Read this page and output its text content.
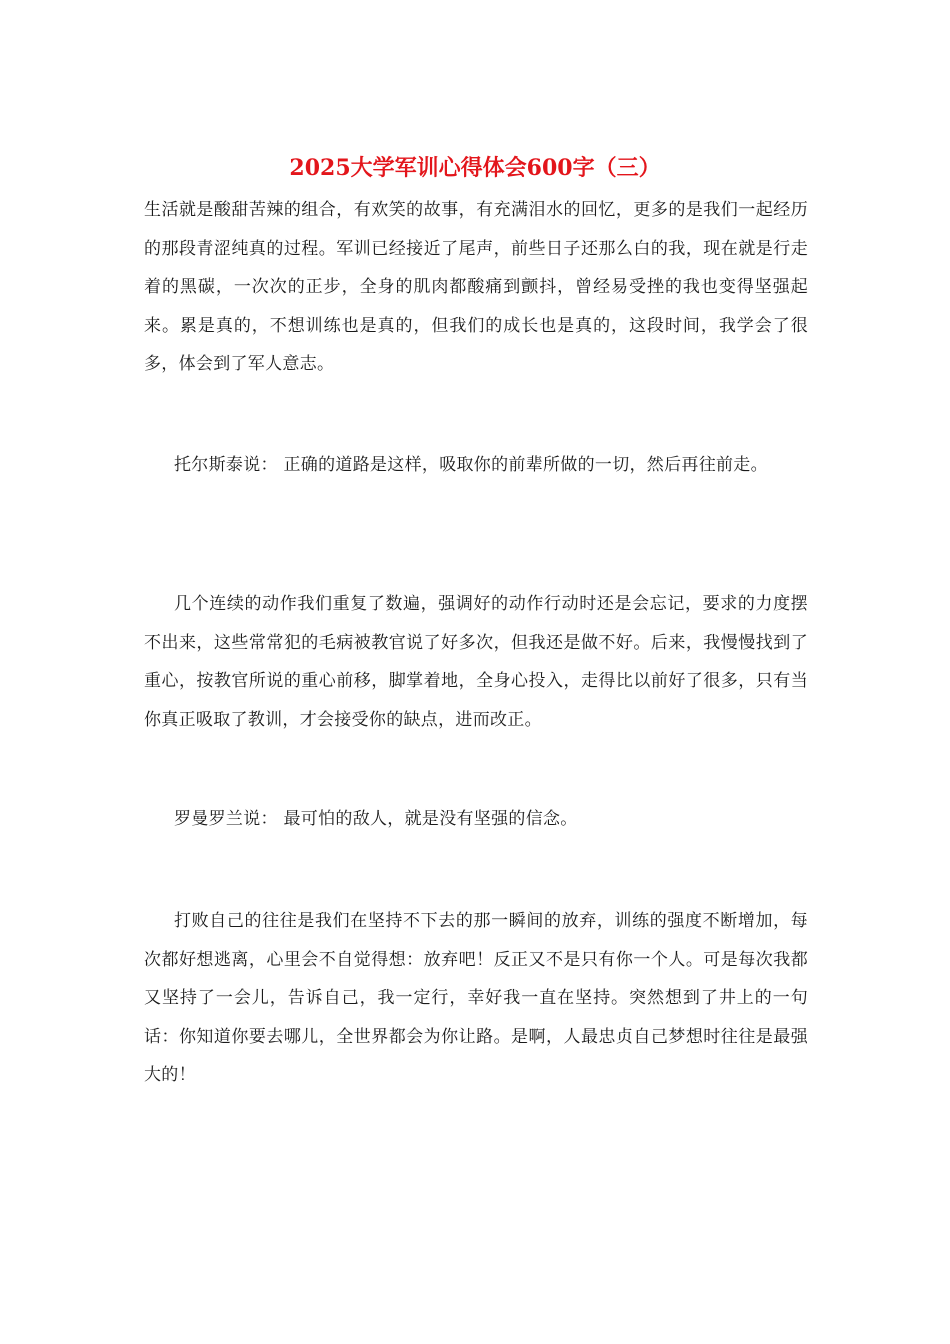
2025大学军训心得体会600字（三）
生活就是酸甜苦辣的组合，有欢笑的故事，有充满泪水的回忆，更多的是我们一起经历的那段青涩纯真的过程。军训已经接近了尾声，前些日子还那么白的我，现在就是行走着的黑碳，一次次的正步，全身的肌肉都酸痛到颤抖，曾经易受挫的我也变得坚强起来。累是真的，不想训练也是真的，但我们的成长也是真的，这段时间，我学会了很多，体会到了军人意志。
托尔斯泰说： 正确的道路是这样，吸取你的前辈所做的一切，然后再往前走。
几个连续的动作我们重复了数遍，强调好的动作行动时还是会忘记，要求的力度摆不出来，这些常常犯的毛病被教官说了好多次，但我还是做不好。后来，我慢慢找到了重心，按教官所说的重心前移，脚掌着地，全身心投入，走得比以前好了很多，只有当你真正吸取了教训，才会接受你的缺点，进而改正。
罗曼罗兰说： 最可怕的敌人，就是没有坚强的信念。
打败自己的往往是我们在坚持不下去的那一瞬间的放弃，训练的强度不断增加，每次都好想逃离，心里会不自觉得想：放弃吧！反正又不是只有你一个人。可是每次我都又坚持了一会儿，告诉自己，我一定行，幸好我一直在坚持。突然想到了井上的一句话：你知道你要去哪儿，全世界都会为你让路。是啊，人最忠贞自己梦想时往往是最强大的！
